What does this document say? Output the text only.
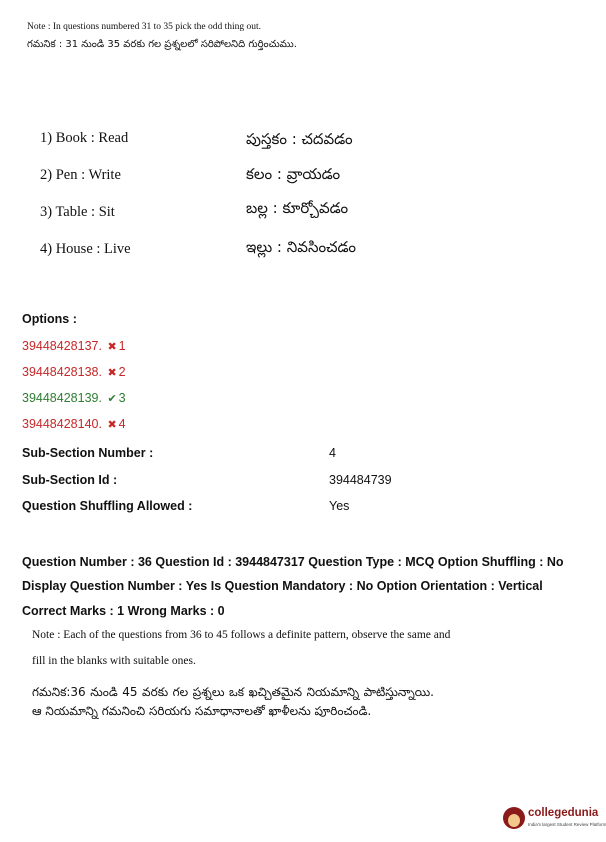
Note : In questions numbered 31 to 35 pick the odd thing out.
గమనిక : 31 నుండి 35 వరకు గల ప్రశ్నలలో సరిపోలనిది గుర్తించుము.
1) Book : Read	పుస్తకం : చదవడం
2) Pen : Write	కలం : వ్రాయడం
3) Table : Sit	బల్ల : కూర్చోవడం
4) House : Live	ఇల్లు : నివసించడం
Options :
39448428137. ✖ 1
39448428138. ✖ 2
39448428139. ✔ 3
39448428140. ✖ 4
Sub-Section Number :	4
Sub-Section Id :	394484739
Question Shuffling Allowed :	Yes
Question Number : 36 Question Id : 3944847317 Question Type : MCQ Option Shuffling : No
Display Question Number : Yes Is Question Mandatory : No Option Orientation : Vertical
Correct Marks : 1 Wrong Marks : 0
Note : Each of the questions from 36 to 45 follows a definite pattern, observe the same and
fill in the blanks with suitable ones.
గమనిక:36 నుండి 45 వరకు గల ప్రశ్నలు ఒక ఖచ్చితమైన నియమాన్ని పాటిస్తున్నాయి. ఆ నియమాన్ని గమనించి సరియగు సమాధానాలతో ఖాళీలను పూరించండి.
collegedunia
India's largest Student Review Platform
